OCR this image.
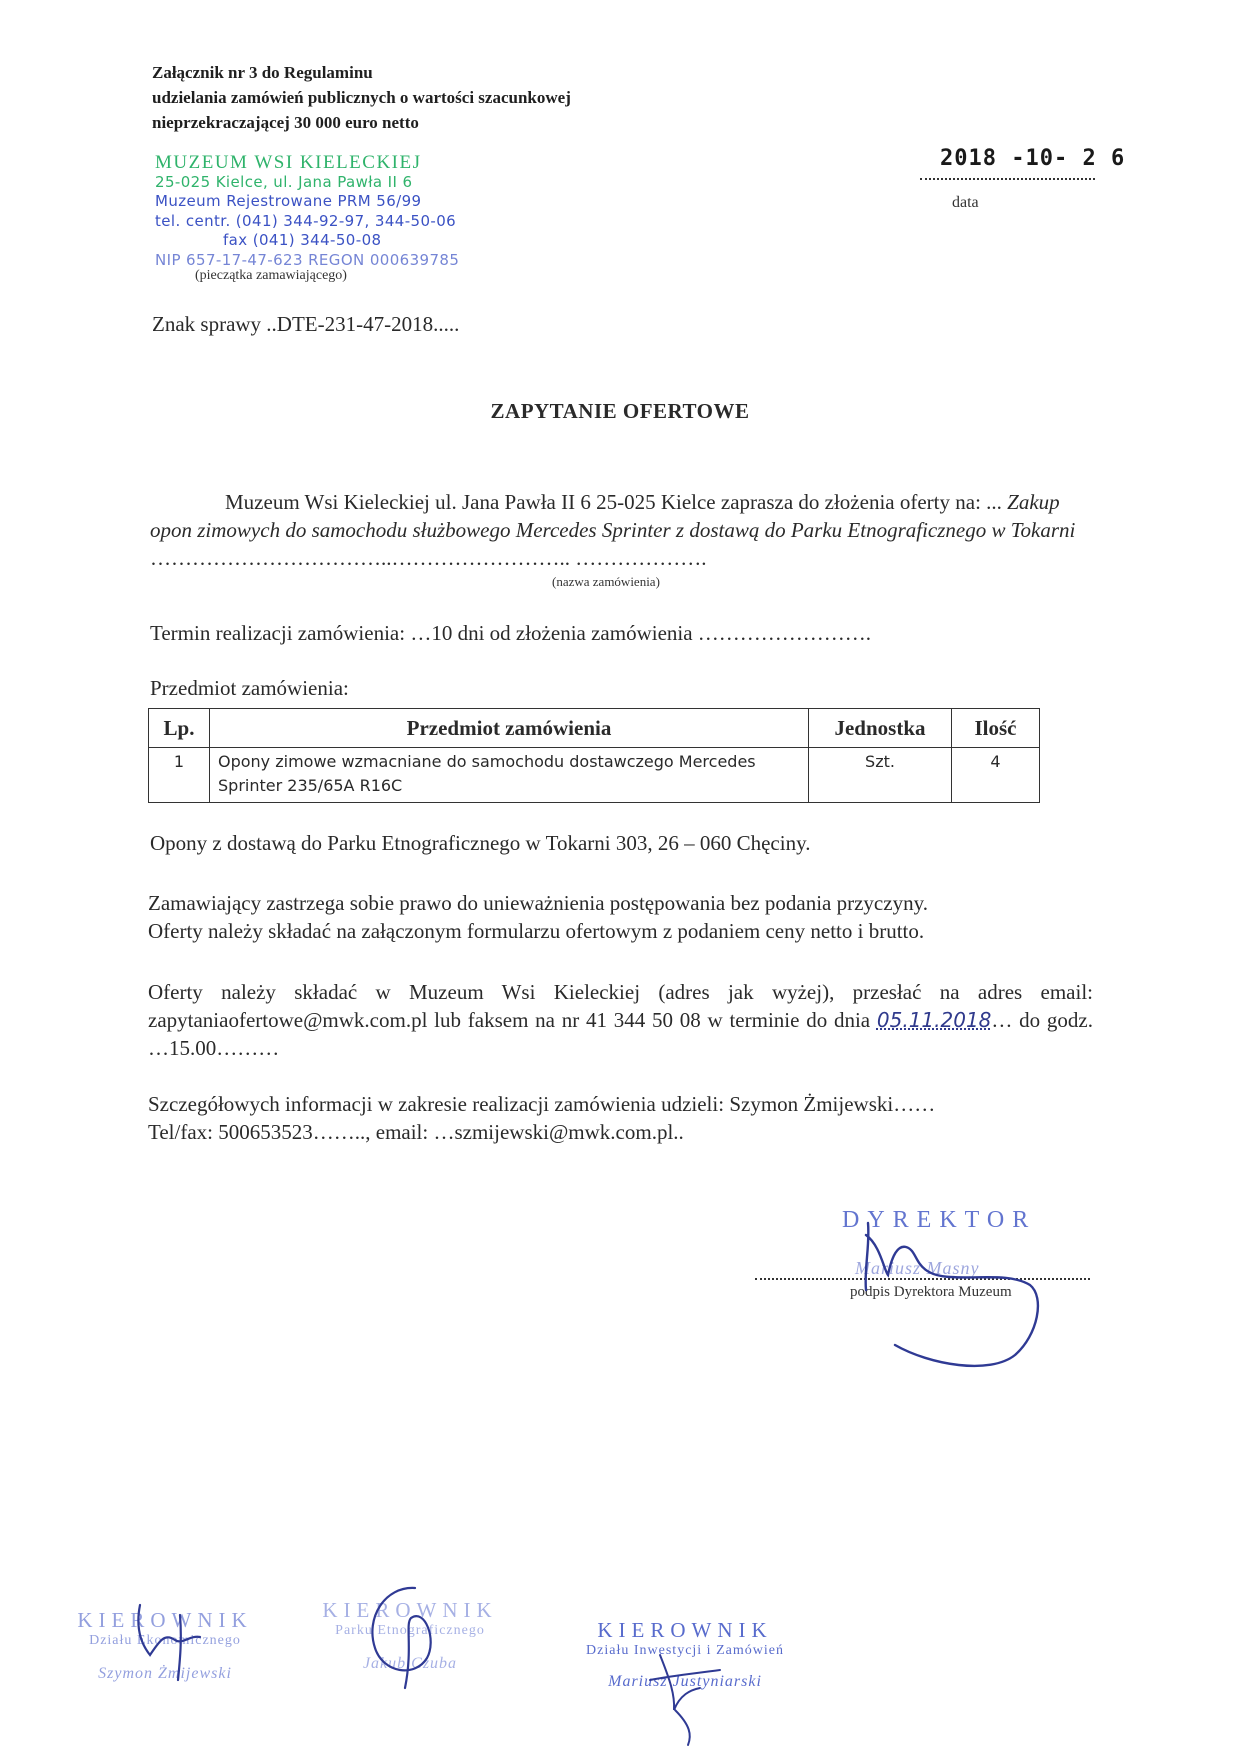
Załącznik nr 3 do Regulaminu
udzielania zamówień publicznych o wartości szacunkowej
nieprzekraczającej 30 000 euro netto
MUZEUM WSI KIELECKIEJ
25-025 Kielce, ul. Jana Pawła II 6
Muzeum Rejestrowane PRM 56/99
tel. centr. (041) 344-92-97, 344-50-06
fax (041) 344-50-08
NIP 657-17-47-623 REGON 000639785
(pieczątka zamawiającego)
2018 -10- 2 6
data
Znak sprawy ..DTE-231-47-2018.....
ZAPYTANIE OFERTOWE
Muzeum Wsi Kieleckiej ul. Jana Pawła II 6 25-025 Kielce zaprasza do złożenia oferty na: ... Zakup opon zimowych do samochodu służbowego Mercedes Sprinter z dostawą do Parku Etnograficznego w Tokarni ……………………………..…………………….. ……………….
(nazwa zamówienia)
Termin realizacji zamówienia: …10 dni od złożenia zamówienia …………………….
Przedmiot zamówienia:
Lp.	Przedmiot zamówienia	Jednostka	Ilość
1	Opony zimowe wzmacniane do samochodu dostawczego Mercedes Sprinter 235/65A R16C	Szt.	4
Opony z dostawą do Parku Etnograficznego w Tokarni 303, 26 – 060 Chęciny.
Zamawiający zastrzega sobie prawo do unieważnienia postępowania bez podania przyczyny.
Oferty należy składać na załączonym formularzu ofertowym z podaniem ceny netto i brutto.
Oferty należy składać w Muzeum Wsi Kieleckiej (adres jak wyżej), przesłać na adres email: zapytaniaofertowe@mwk.com.pl lub faksem na nr 41 344 50 08 w terminie do dnia 05.11.2018… do godz. …15.00………
Szczegółowych informacji w zakresie realizacji zamówienia udzieli: Szymon Żmijewski……
Tel/fax: 500653523…….., email: …szmijewski@mwk.com.pl..
DYREKTOR
Mariusz Masny
podpis Dyrektora Muzeum
KIEROWNIK
Działu Ekonomicznego
Szymon Żmijewski
KIEROWNIK
Parku Etnograficznego
Jakub Czuba
KIEROWNIK
Działu Inwestycji i Zamówień
Mariusz Justyniarski
